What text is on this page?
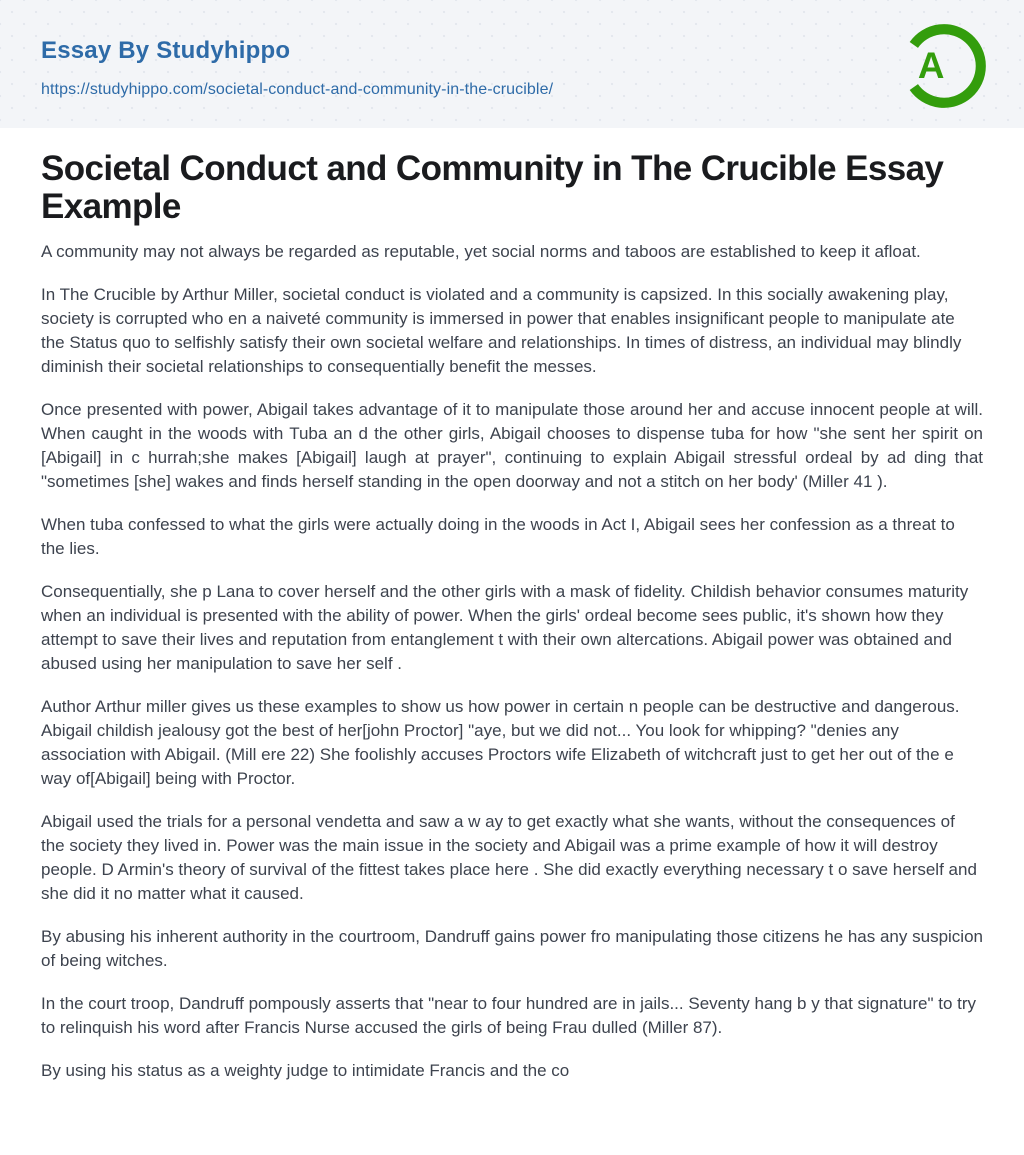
Essay By Studyhippo
https://studyhippo.com/societal-conduct-and-community-in-the-crucible/
A
Societal Conduct and Community in The Crucible Essay Example

A community may not always be regarded as reputable, yet social norms and taboos are established to keep it afloat.

In The Crucible by Arthur Miller, societal conduct is violated and a community is capsized. In this socially awakening play, society is corrupted who en a naiveté community is immersed in power that enables insignificant people to manipulate ate the Status quo to selfishly satisfy their own societal welfare and relationships. In times of distress, an individual may blindly diminish their societal relationships to consequentially benefit the messes.

Once presented with power, Abigail takes advantage of it to manipulate those around her and accuse innocent people at will. When caught in the woods with Tuba an d the other girls, Abigail chooses to dispense tuba for how "she sent her spirit on [Abigail] in c hurrah;she makes [Abigail] laugh at prayer", continuing to explain Abigail stressful ordeal by ad ding that "sometimes [she] wakes and finds herself standing in the open doorway and not a stitch on her body' (Miller 41 ).

When tuba confessed to what the girls were actually doing in the woods in Act I, Abigail sees her confession as a threat to the lies.

Consequentially, she p Lana to cover herself and the other girls with a mask of fidelity. Childish behavior consumes maturity when an individual is presented with the ability of power. When the girls' ordeal become sees public, it's shown how they attempt to save their lives and reputation from entanglement t with their own altercations. Abigail power was obtained and abused using her manipulation to save her self .

Author Arthur miller gives us these examples to show us how power in certain n people can be destructive and dangerous. Abigail childish jealousy got the best of her[john Proctor] "aye, but we did not... You look for whipping? "denies any association with Abigail. (Mill ere 22) She foolishly accuses Proctors wife Elizabeth of witchcraft just to get her out of the e way of[Abigail] being with Proctor.

Abigail used the trials for a personal vendetta and saw a w ay to get exactly what she wants, without the consequences of the society they lived in. Power was the main issue in the society and Abigail was a prime example of how it will destroy people. D Armin's theory of survival of the fittest takes place here . She did exactly everything necessary t o save herself and she did it no matter what it caused.

By abusing his inherent authority in the courtroom, Dandruff gains power fro manipulating those citizens he has any suspicion of being witches.

In the court troop, Dandruff pompously asserts that "near to four hundred are in jails... Seventy hang b y that signature" to try to relinquish his word after Francis Nurse accused the girls of being Frau dulled (Miller 87).

By using his status as a weighty judge to intimidate Francis and the co
